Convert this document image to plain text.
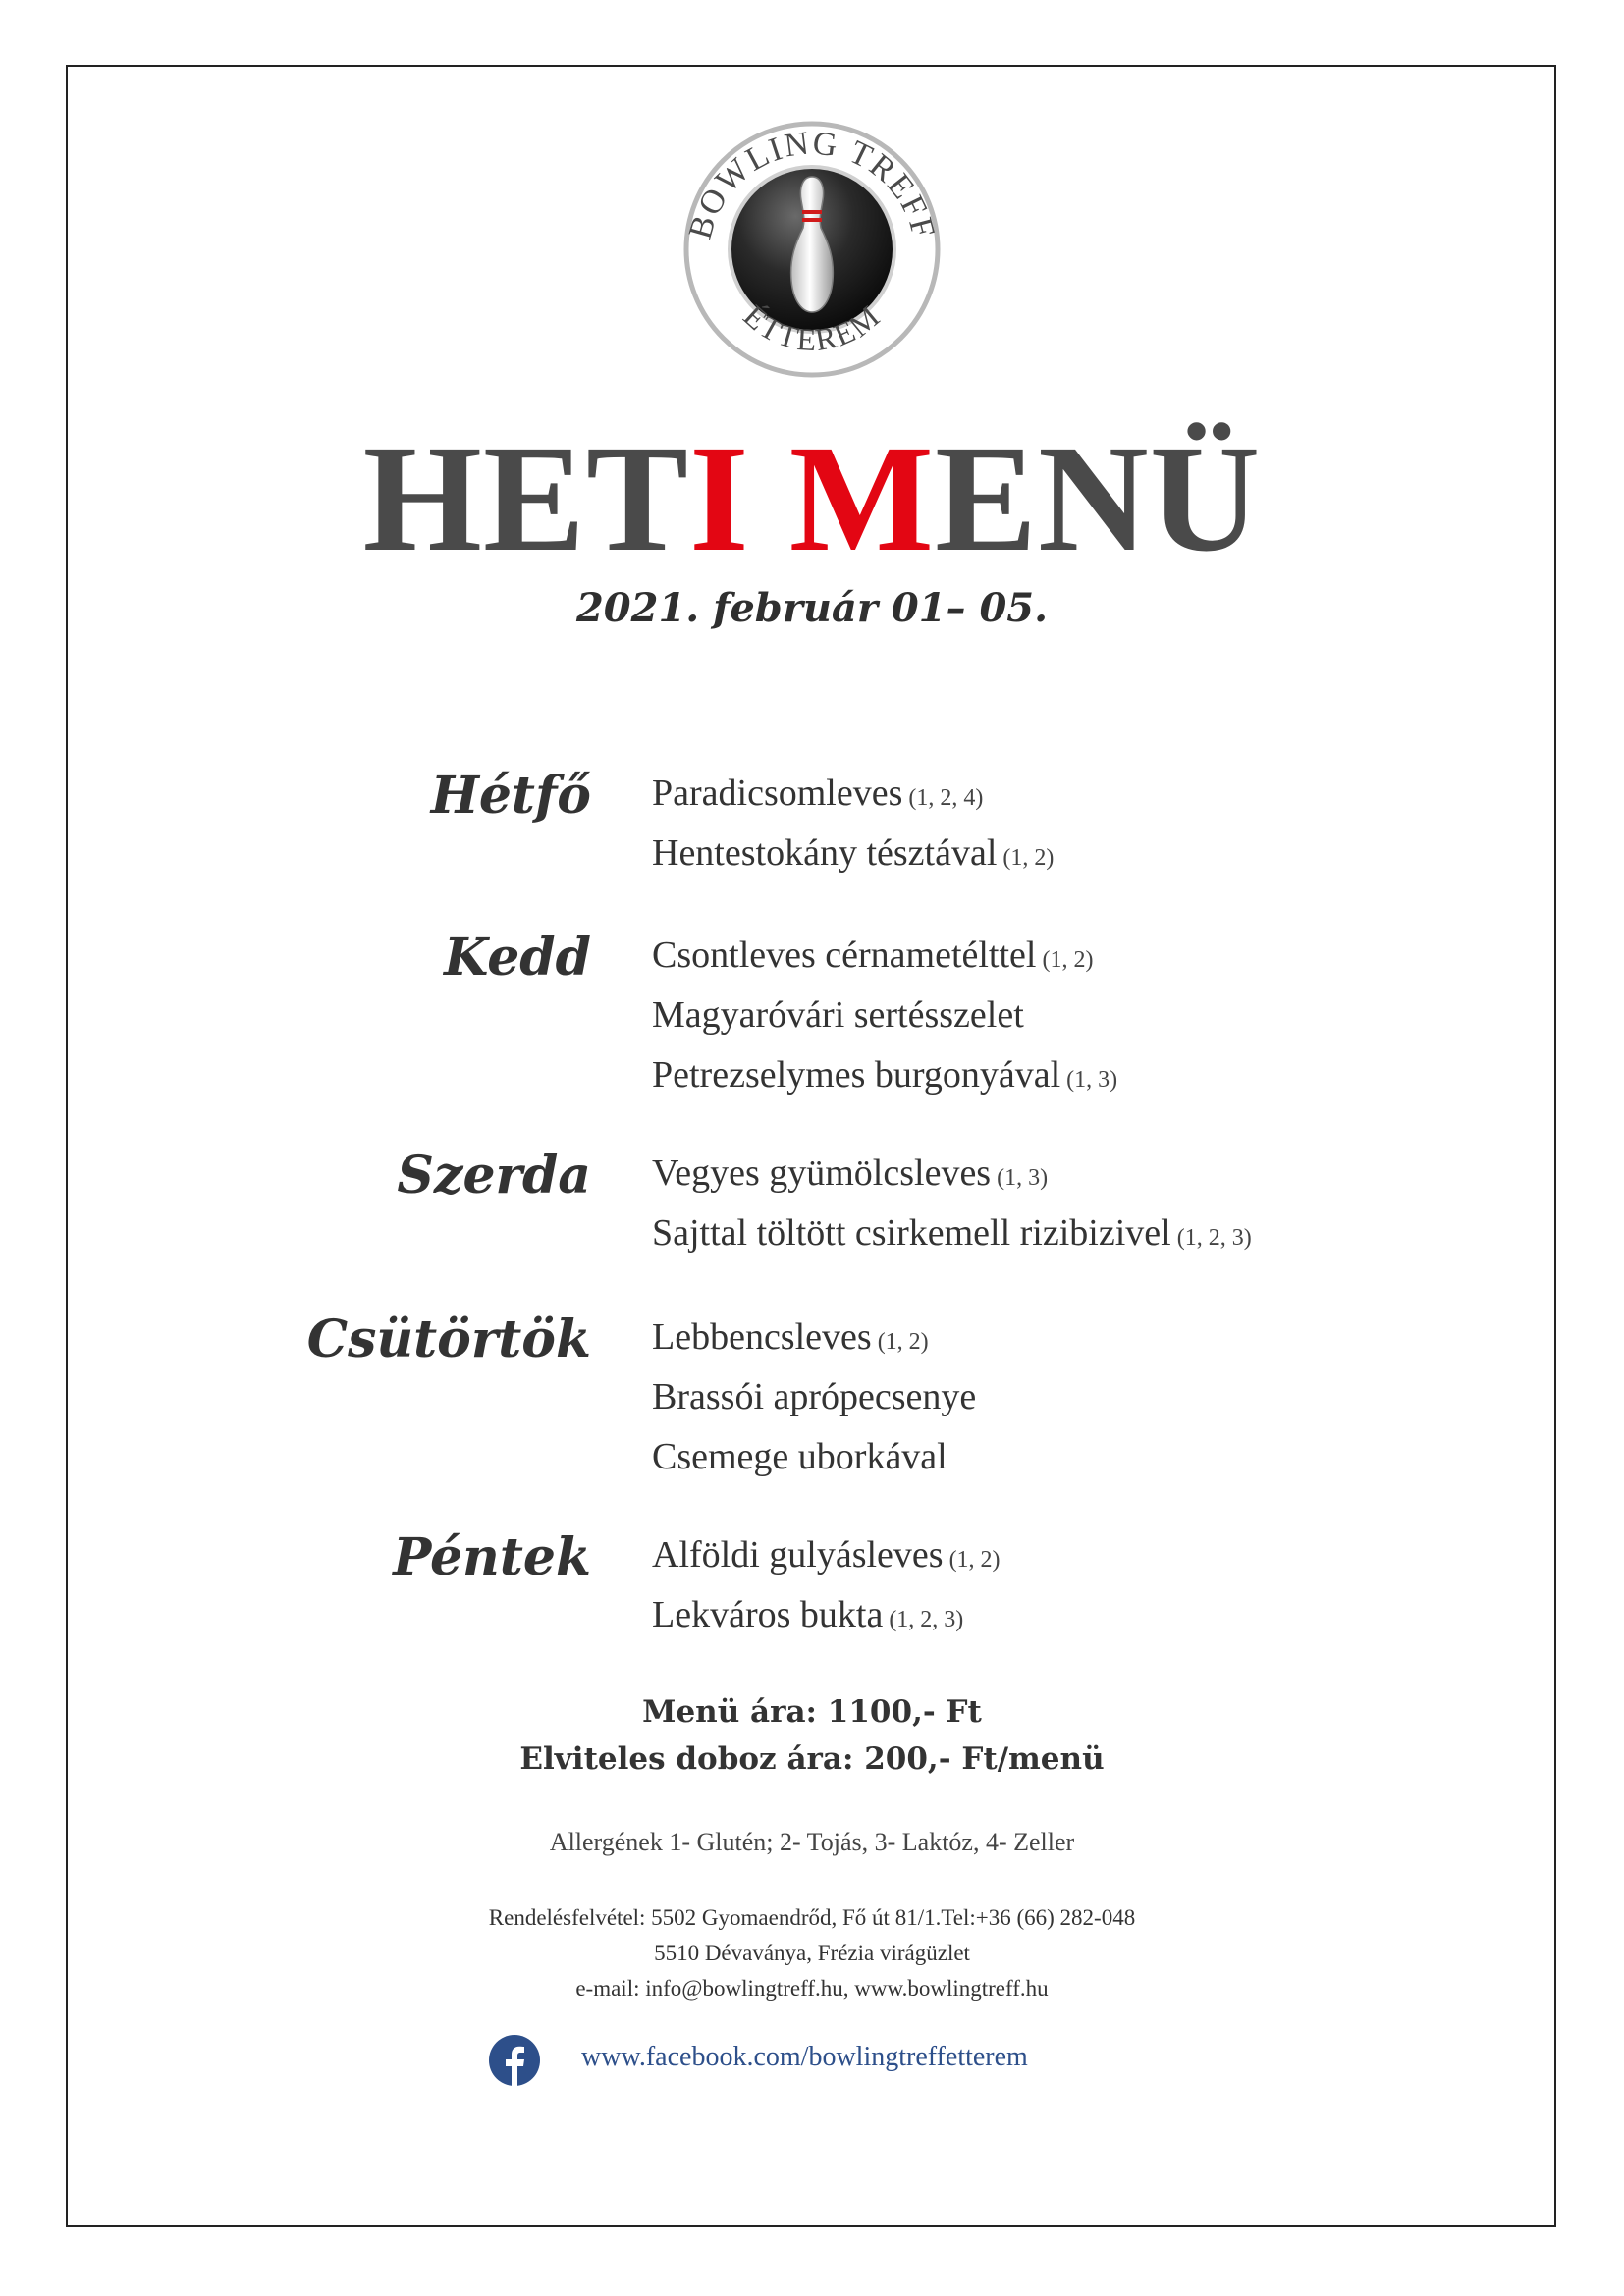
BOWLING TREFF
ÉTTEREM
HETI MENÜ
2021. február 01– 05.
Hétfő Paradicsomleves (1, 2, 4)
Hentestokány tésztával (1, 2)
Kedd Csontleves cérnametélttel (1, 2)
Magyaróvári sertésszelet
Petrezselymes burgonyával (1, 3)
Szerda Vegyes gyümölcsleves (1, 3)
Sajttal töltött csirkemell rizibizivel (1, 2, 3)
Csütörtök Lebbencsleves (1, 2)
Brassói aprópecsenye
Csemege uborkával
Péntek Alföldi gulyásleves (1, 2)
Lekváros bukta (1, 2, 3)
Menü ára: 1100,- Ft
Elviteles doboz ára: 200,- Ft/menü
Allergének 1- Glutén; 2- Tojás, 3- Laktóz, 4- Zeller
Rendelésfelvétel: 5502 Gyomaendrőd, Fő út 81/1.Tel:+36 (66) 282-048
5510 Dévaványa, Frézia virágüzlet
e-mail: info@bowlingtreff.hu, www.bowlingtreff.hu
www.facebook.com/bowlingtreffetterem
